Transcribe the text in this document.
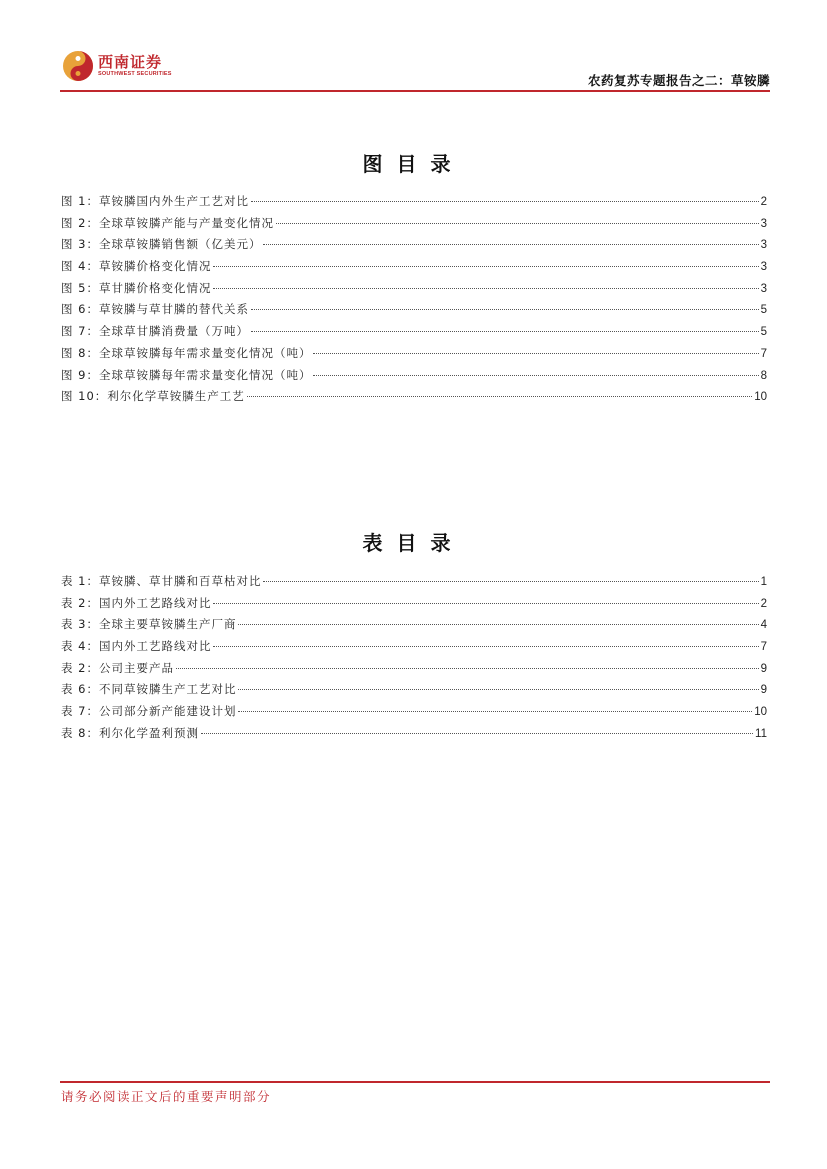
西南证券
SOUTHWEST SECURITIES	农药复苏专题报告之二：草铵膦
图目录
图 1：草铵膦国内外生产工艺对比	2
图 2：全球草铵膦产能与产量变化情况	3
图 3：全球草铵膦销售额（亿美元）	3
图 4：草铵膦价格变化情况	3
图 5：草甘膦价格变化情况	3
图 6：草铵膦与草甘膦的替代关系	5
图 7：全球草甘膦消费量（万吨）	5
图 8：全球草铵膦每年需求量变化情况（吨）	7
图 9：全球草铵膦每年需求量变化情况（吨）	8
图 10：利尔化学草铵膦生产工艺	10
表目录
表 1：草铵膦、草甘膦和百草枯对比	1
表 2：国内外工艺路线对比	2
表 3：全球主要草铵膦生产厂商	4
表 4：国内外工艺路线对比	7
表 2：公司主要产品	9
表 6：不同草铵膦生产工艺对比	9
表 7：公司部分新产能建设计划	10
表 8：利尔化学盈利预测	11
请务必阅读正文后的重要声明部分
